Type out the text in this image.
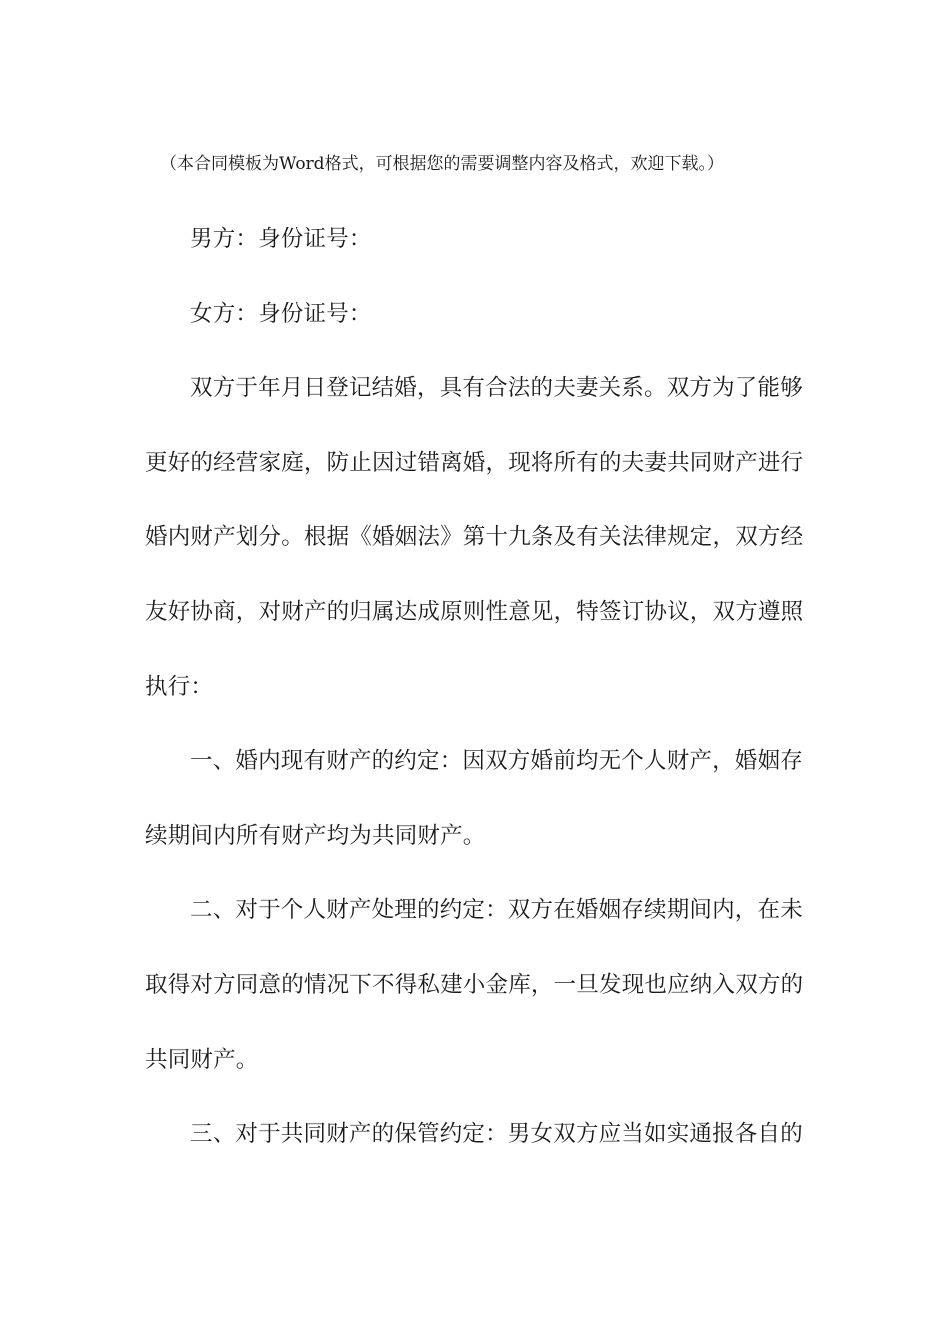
（本合同模板为Word格式，可根据您的需要调整内容及格式，欢迎下载。）
男方：身份证号：
女方：身份证号：
双方于年月日登记结婚，具有合法的夫妻关系。双方为了能够
更好的经营家庭，防止因过错离婚，现将所有的夫妻共同财产进行
婚内财产划分。根据《婚姻法》第十九条及有关法律规定，双方经
友好协商，对财产的归属达成原则性意见，特签订协议，双方遵照
执行：
一、婚内现有财产的约定：因双方婚前均无个人财产，婚姻存
续期间内所有财产均为共同财产。
二、对于个人财产处理的约定：双方在婚姻存续期间内，在未
取得对方同意的情况下不得私建小金库，一旦发现也应纳入双方的
共同财产。
三、对于共同财产的保管约定：男女双方应当如实通报各自的
